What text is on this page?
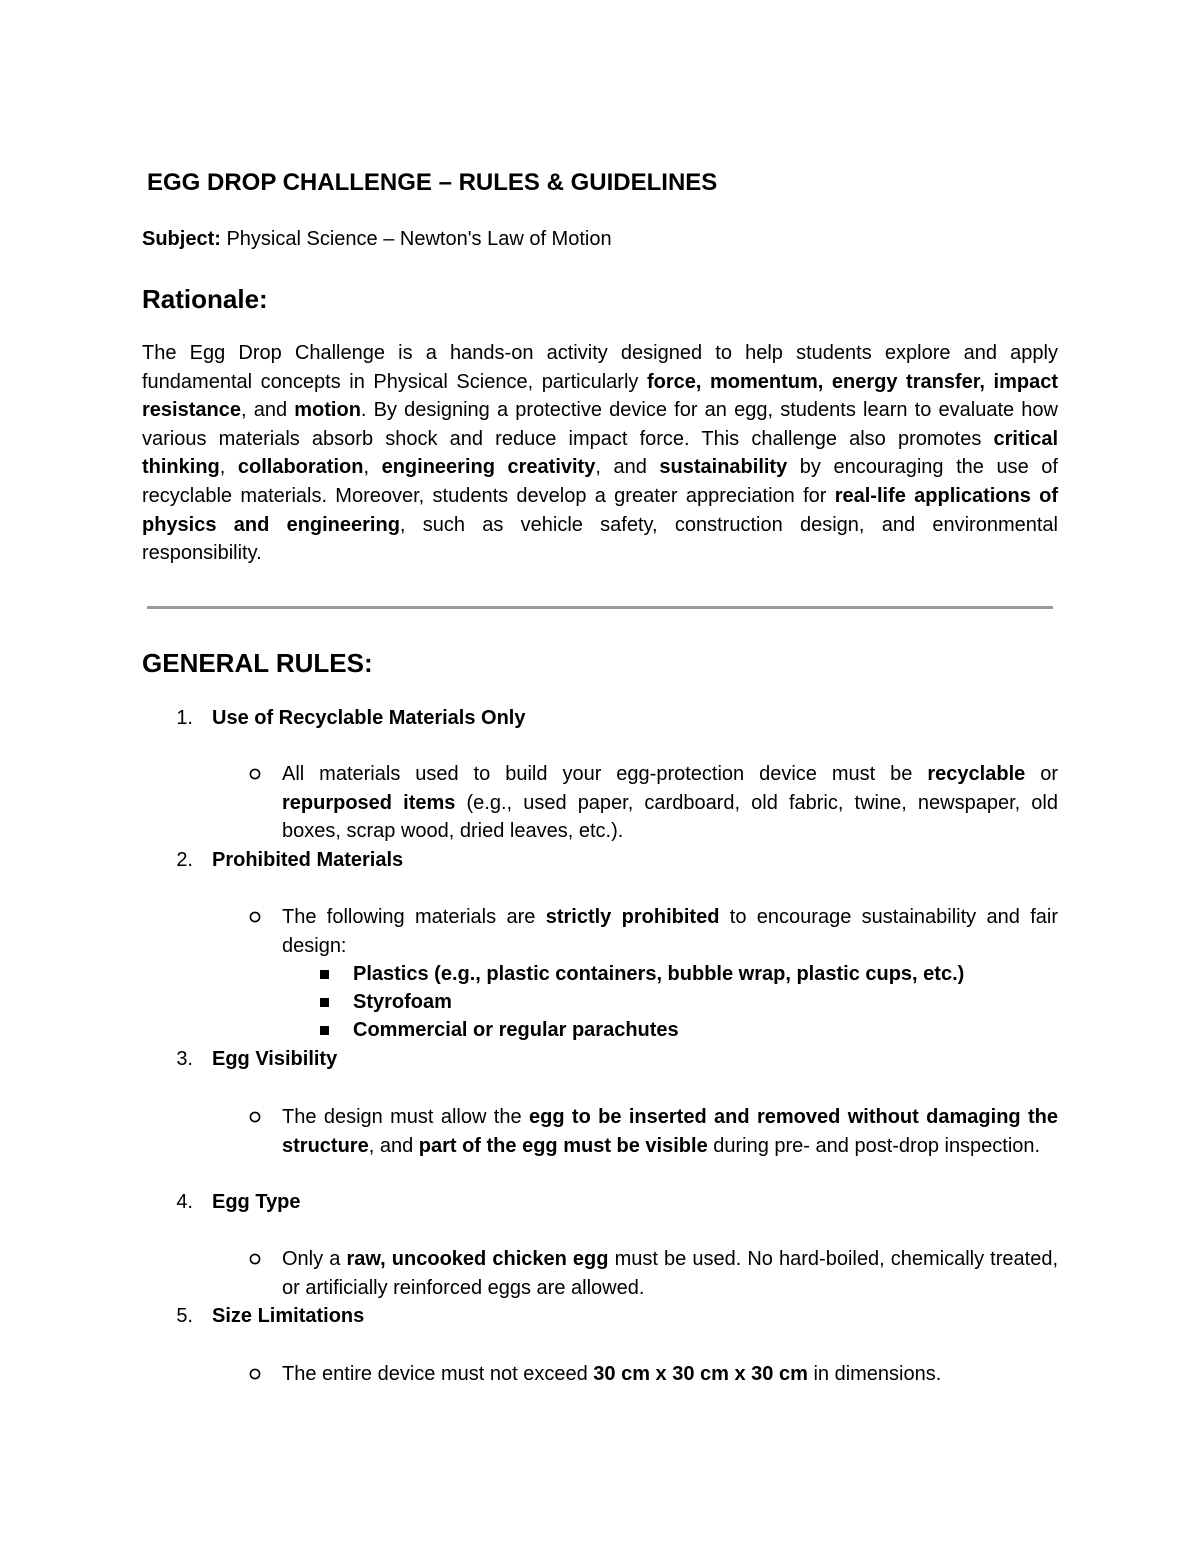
EGG DROP CHALLENGE – RULES & GUIDELINES

Subject: Physical Science – Newton's Law of Motion

Rationale:

The Egg Drop Challenge is a hands-on activity designed to help students explore and apply fundamental concepts in Physical Science, particularly force, momentum, energy transfer, impact resistance, and motion. By designing a protective device for an egg, students learn to evaluate how various materials absorb shock and reduce impact force. This challenge also promotes critical thinking, collaboration, engineering creativity, and sustainability by encouraging the use of recyclable materials. Moreover, students develop a greater appreciation for real-life applications of physics and engineering, such as vehicle safety, construction design, and environmental responsibility.

GENERAL RULES:
1. Use of Recyclable Materials Only

All materials used to build your egg-protection device must be recyclable or repurposed items (e.g., used paper, cardboard, old fabric, twine, newspaper, old boxes, scrap wood, dried leaves, etc.).

2. Prohibited Materials

The following materials are strictly prohibited to encourage sustainability and fair design:

Plastics (e.g., plastic containers, bubble wrap, plastic cups, etc.)
Styrofoam
Commercial or regular parachutes
3. Egg Visibility

The design must allow the egg to be inserted and removed without damaging the structure, and part of the egg must be visible during pre- and post-drop inspection.

4. Egg Type

Only a raw, uncooked chicken egg must be used. No hard-boiled, chemically treated, or artificially reinforced eggs are allowed.

5. Size Limitations

The entire device must not exceed 30 cm x 30 cm x 30 cm in dimensions.
